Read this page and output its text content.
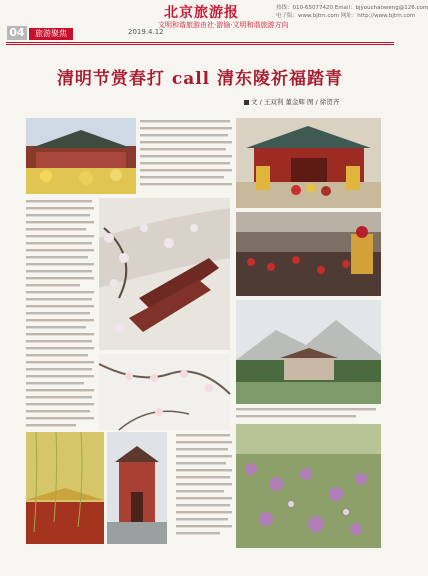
04	旅游聚焦	2019.4.12
北京旅游报
文明和谐旅游由社·游愉·文明和谐旅游方向
热线：010-65077420 Email：bjyouchaoweng@126.com
电子版：www.bjtrn.com 网址：http://www.bjtrn.com
清明节赏春打 call 清东陵祈福踏青
文 / 王双利 董金辉 图 / 徐贺齐
